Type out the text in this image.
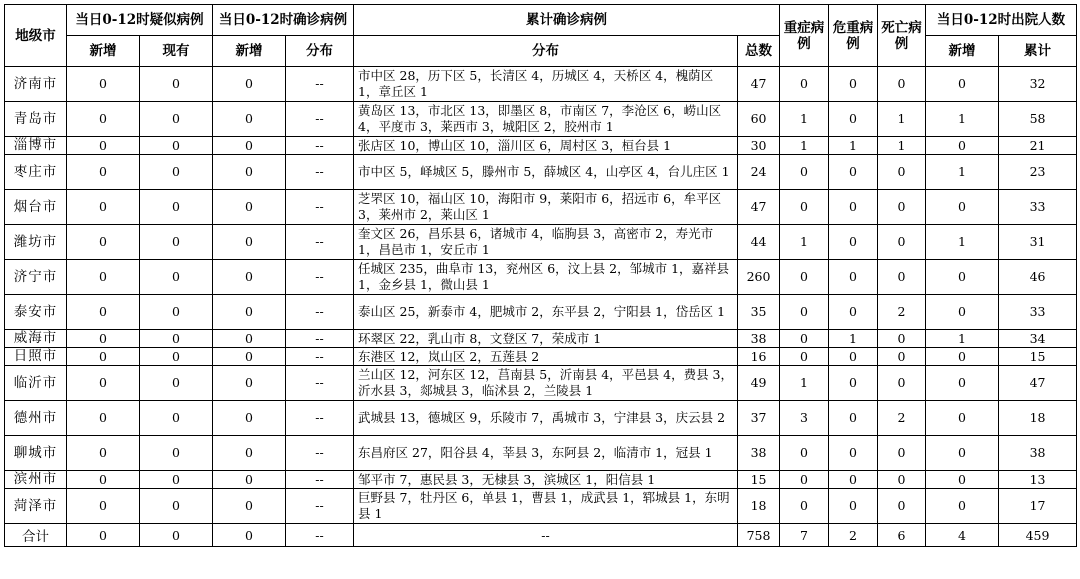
地级市	当日0-12时疑似病例		当日0-12时确诊病例		累计确诊病例		重症病例	危重病例	死亡病例	当日0-12时出院人数	
	新增	现有	新增	分布	分布	总数				新增	累计
济南市	0	0	0	--	市中区 28，历下区 5，长清区 4，历城区 4，天桥区 4，槐荫区 1，章丘区 1	47	0	0	0	0	32
青岛市	0	0	0	--	黄岛区 13，市北区 13，即墨区 8，市南区 7，李沧区 6，崂山区 4，平度市 3，莱西市 3，城阳区 2，胶州市 1	60	1	0	1	1	58
淄博市	0	0	0	--	张店区 10，博山区 10，淄川区 6，周村区 3，桓台县 1	30	1	1	1	0	21
枣庄市	0	0	0	--	市中区 5，峄城区 5，滕州市 5，薛城区 4，山亭区 4，台儿庄区 1	24	0	0	0	1	23
烟台市	0	0	0	--	芝罘区 10，福山区 10，海阳市 9，莱阳市 6，招远市 6，牟平区 3，莱州市 2，莱山区 1	47	0	0	0	0	33
潍坊市	0	0	0	--	奎文区 26，昌乐县 6，诸城市 4，临朐县 3，高密市 2，寿光市 1，昌邑市 1，安丘市 1	44	1	0	0	1	31
济宁市	0	0	0	--	任城区 235，曲阜市 13，兖州区 6，汶上县 2，邹城市 1，嘉祥县 1，金乡县 1，微山县 1	260	0	0	0	0	46
泰安市	0	0	0	--	泰山区 25，新泰市 4，肥城市 2，东平县 2，宁阳县 1，岱岳区 1	35	0	0	2	0	33
威海市	0	0	0	--	环翠区 22，乳山市 8，文登区 7，荣成市 1	38	0	1	0	1	34
日照市	0	0	0	--	东港区 12，岚山区 2，五莲县 2	16	0	0	0	0	15
临沂市	0	0	0	--	兰山区 12，河东区 12，莒南县 5，沂南县 4，平邑县 4，费县 3，沂水县 3，郯城县 3，临沭县 2，兰陵县 1	49	1	0	0	0	47
德州市	0	0	0	--	武城县 13，德城区 9，乐陵市 7，禹城市 3，宁津县 3，庆云县 2	37	3	0	2	0	18
聊城市	0	0	0	--	东昌府区 27，阳谷县 4，莘县 3，东阿县 2，临清市 1，冠县 1	38	0	0	0	0	38
滨州市	0	0	0	--	邹平市 7，惠民县 3，无棣县 3，滨城区 1，阳信县 1	15	0	0	0	0	13
菏泽市	0	0	0	--	巨野县 7，牡丹区 6，单县 1，曹县 1，成武县 1，郓城县 1，东明县 1	18	0	0	0	0	17
合计	0	0	0	--	--	758	7	2	6	4	459
